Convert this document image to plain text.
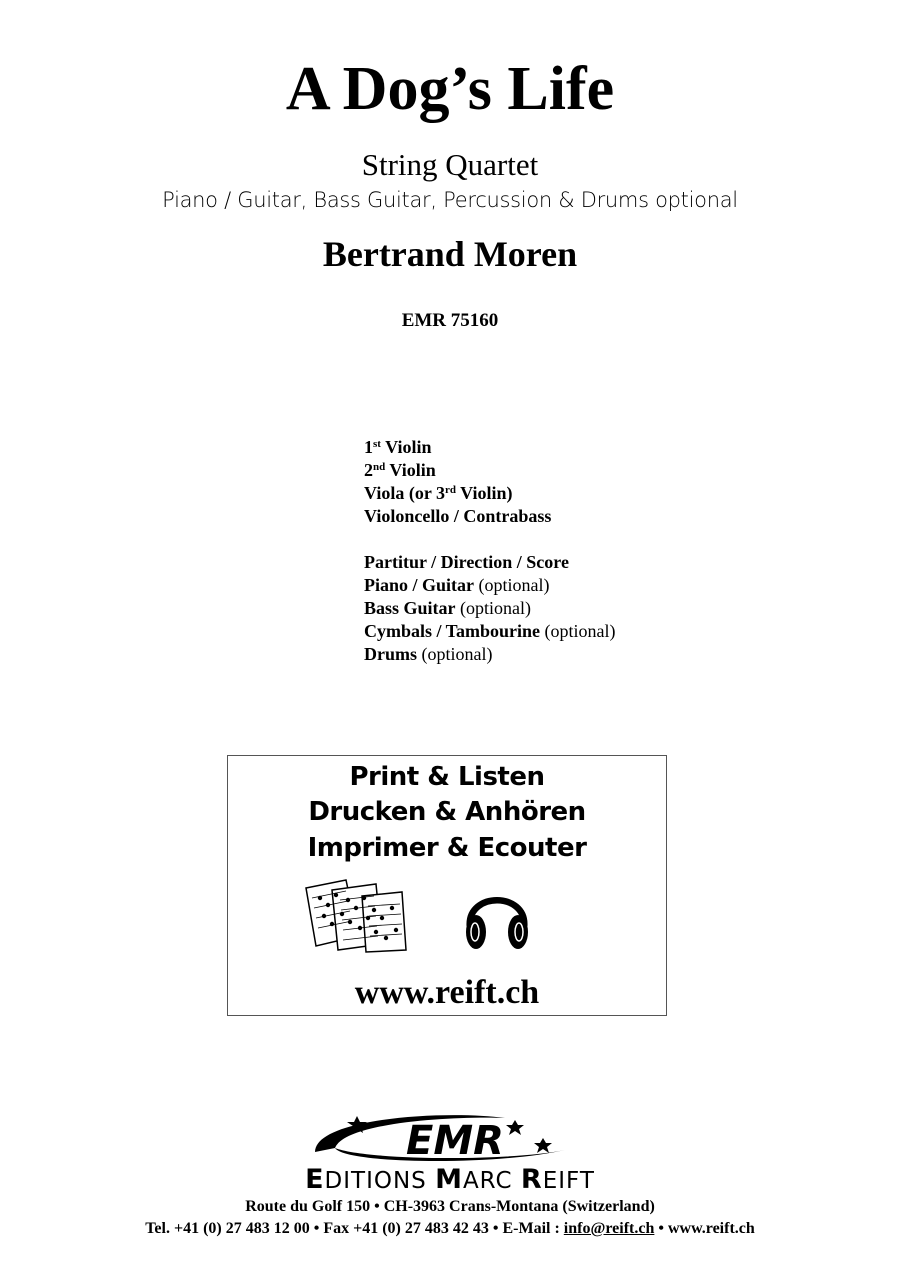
A Dog’s Life
String Quartet
Piano / Guitar, Bass Guitar, Percussion & Drums optional
Bertrand Moren
EMR 75160
1st Violin
2nd Violin
Viola (or 3rd Violin)
Violoncello / Contrabass
Partitur / Direction / Score
Piano / Guitar (optional)
Bass Guitar (optional)
Cymbals / Tambourine (optional)
Drums (optional)
Print & Listen
Drucken & Anhören
Imprimer & Ecouter
www.reift.ch
EMR
EDITIONS MARC REIFT
Route du Golf 150 • CH-3963 Crans-Montana (Switzerland)
Tel. +41 (0) 27 483 12 00 • Fax +41 (0) 27 483 42 43 • E-Mail : info@reift.ch • www.reift.ch
